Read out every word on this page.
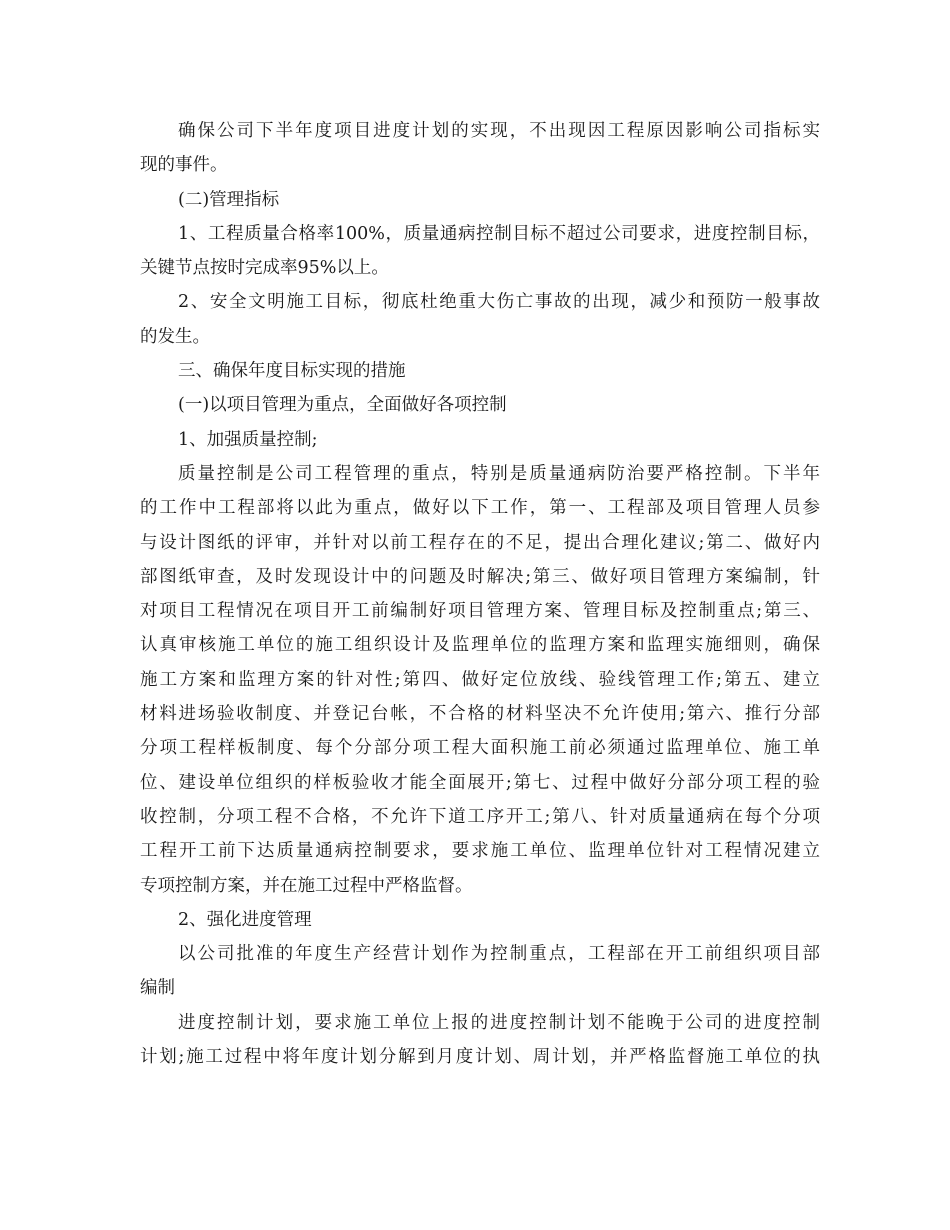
确保公司下半年度项目进度计划的实现，不出现因工程原因影响公司指标实
现的事件。
(二)管理指标
1、工程质量合格率100%，质量通病控制目标不超过公司要求，进度控制目标，
关键节点按时完成率95%以上。
2、安全文明施工目标，彻底杜绝重大伤亡事故的出现，减少和预防一般事故
的发生。
三、确保年度目标实现的措施
(一)以项目管理为重点，全面做好各项控制
1、加强质量控制;
质量控制是公司工程管理的重点，特别是质量通病防治要严格控制。下半年
的工作中工程部将以此为重点，做好以下工作，第一、工程部及项目管理人员参
与设计图纸的评审，并针对以前工程存在的不足，提出合理化建议;第二、做好内
部图纸审查，及时发现设计中的问题及时解决;第三、做好项目管理方案编制，针
对项目工程情况在项目开工前编制好项目管理方案、管理目标及控制重点;第三、
认真审核施工单位的施工组织设计及监理单位的监理方案和监理实施细则，确保
施工方案和监理方案的针对性;第四、做好定位放线、验线管理工作;第五、建立
材料进场验收制度、并登记台帐，不合格的材料坚决不允许使用;第六、推行分部
分项工程样板制度、每个分部分项工程大面积施工前必须通过监理单位、施工单
位、建设单位组织的样板验收才能全面展开;第七、过程中做好分部分项工程的验
收控制，分项工程不合格，不允许下道工序开工;第八、针对质量通病在每个分项
工程开工前下达质量通病控制要求，要求施工单位、监理单位针对工程情况建立
专项控制方案，并在施工过程中严格监督。
2、强化进度管理
以公司批准的年度生产经营计划作为控制重点，工程部在开工前组织项目部
编制
进度控制计划，要求施工单位上报的进度控制计划不能晚于公司的进度控制
计划;施工过程中将年度计划分解到月度计划、周计划，并严格监督施工单位的执
